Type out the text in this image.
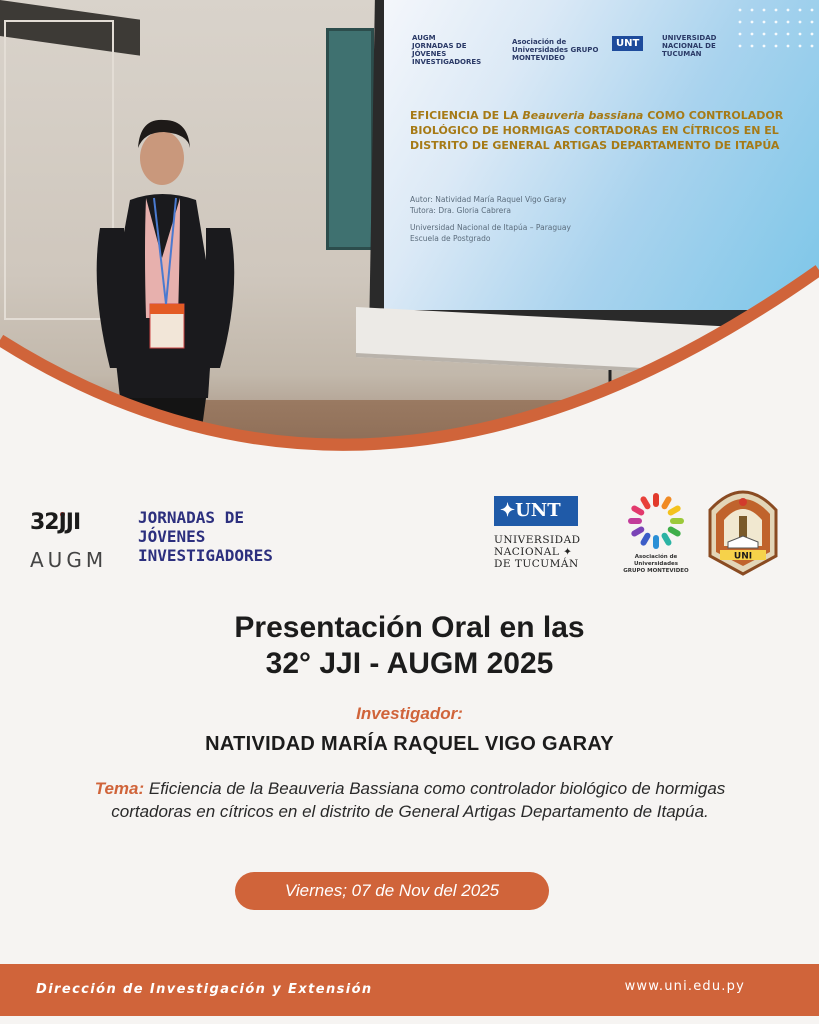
AUGM
JORNADAS DE JÓVENES INVESTIGADORES
Asociación de Universidades GRUPO MONTEVIDEO
UNT	UNIVERSIDAD NACIONAL DE TUCUMÁN
EFICIENCIA DE LA Beauveria bassiana COMO CONTROLADOR BIOLÓGICO DE HORMIGAS CORTADORAS EN CÍTRICOS EN EL DISTRITO DE GENERAL ARTIGAS DEPARTAMENTO DE ITAPÚA
Autor: Natividad María Raquel Vigo Garay
Tutora: Dra. Gloria Cabrera
Universidad Nacional de Itapúa – Paraguay
Escuela de Postgrado
32JJI
AUGM
JORNADAS DE
JÓVENES
INVESTIGADORES
✦UNT
UNIVERSIDAD
NACIONAL ✦
DE TUCUMÁN
Asociación de Universidades
GRUPO MONTEVIDEO
UNI
Presentación Oral en las
32° JJI - AUGM 2025
Investigador:
NATIVIDAD MARÍA RAQUEL VIGO GARAY
Tema: Eficiencia de la Beauveria Bassiana como controlador biológico de hormigas cortadoras en cítricos en el distrito de General Artigas Departamento de Itapúa.
Viernes; 07 de Nov del 2025
Dirección de Investigación y Extensión	www.uni.edu.py
